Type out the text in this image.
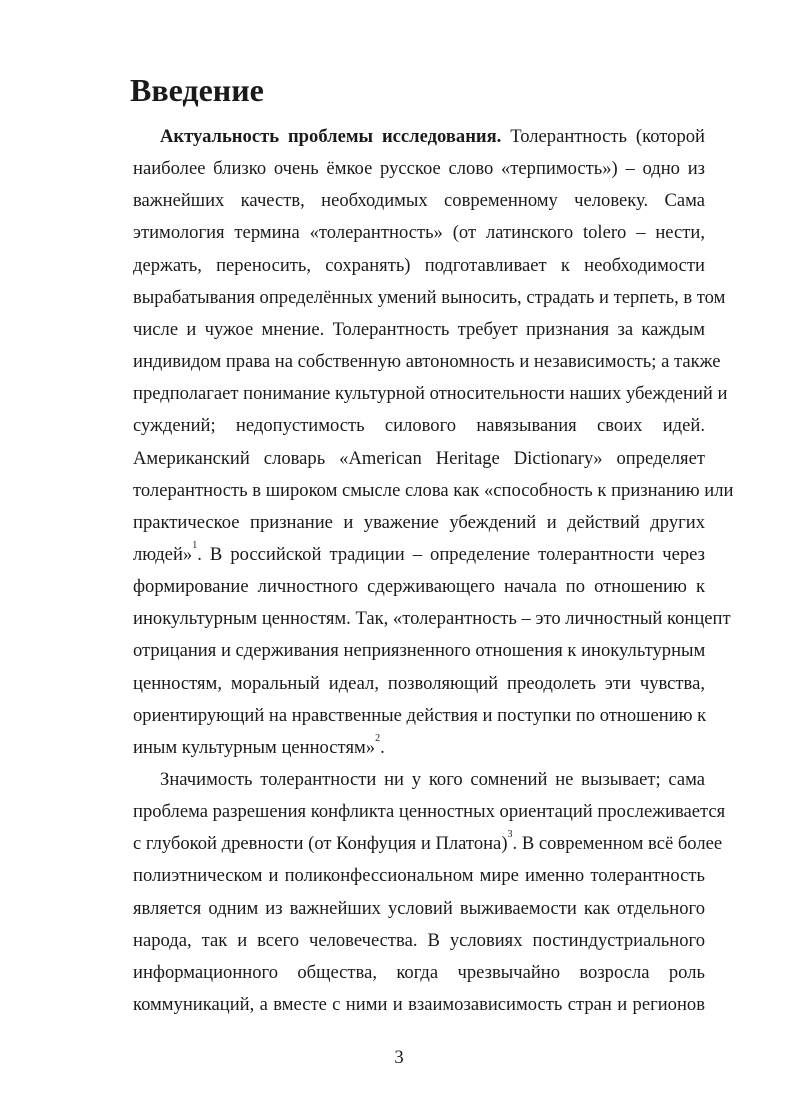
Введение
Актуальность проблемы исследования. Толерантность (которой
наиболее близко очень ёмкое русское слово «терпимость») – одно из
важнейших качеств, необходимых современному человеку. Сама
этимология термина «толерантность» (от латинского tolero – нести,
держать, переносить, сохранять) подготавливает к необходимости
вырабатывания определённых умений выносить, страдать и терпеть, в том
числе и чужое мнение. Толерантность требует признания за каждым
индивидом права на собственную автономность и независимость; а также
предполагает понимание культурной относительности наших убеждений и
суждений; недопустимость силового навязывания своих идей.
Американский словарь «American Heritage Dictionary» определяет
толерантность в широком смысле слова как «способность к признанию или
практическое признание и уважение убеждений и действий других
людей»$^1$. В российской традиции – определение толерантности через
формирование личностного сдерживающего начала по отношению к
инокультурным ценностям. Так, «толерантность – это личностный концепт
отрицания и сдерживания неприязненного отношения к инокультурным
ценностям, моральный идеал, позволяющий преодолеть эти чувства,
ориентирующий на нравственные действия и поступки по отношению к
иным культурным ценностям»$^2$.
Значимость толерантности ни у кого сомнений не вызывает; сама
проблема разрешения конфликта ценностных ориентаций прослеживается
с глубокой древности (от Конфуция и Платона)$^3$. В современном всё более
полиэтническом и поликонфессиональном мире именно толерантность
является одним из важнейших условий выживаемости как отдельного
народа, так и всего человечества. В условиях постиндустриального
информационного общества, когда чрезвычайно возросла роль
коммуникаций, а вместе с ними и взаимозависимость стран и регионов
3
